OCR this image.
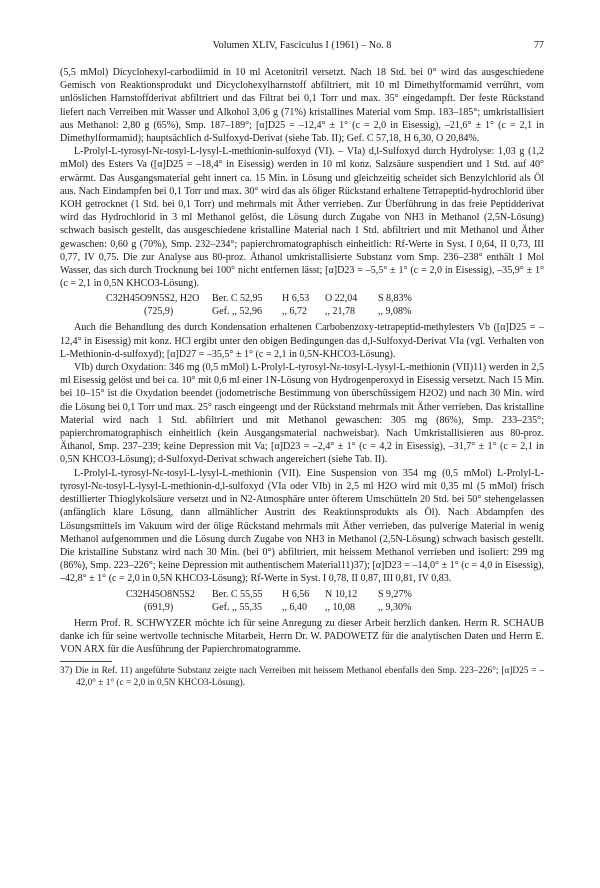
Volumen XLIV, Fasciculus I (1961) – No. 8	77

(5,5 mMol) Dicyclohexyl-carbodiimid in 10 ml Acetonitril versetzt. Nach 18 Std. bei 0° wird das ausgeschiedene Gemisch von Reaktionsprodukt und Dicyclohexylharnstoff abfiltriert, mit 10 ml Dimethylformamid verrührt, vom unlöslichen Harnstoffderivat abfiltriert und das Filtrat bei 0,1 Torr und max. 35° eingedampft. Der feste Rückstand liefert nach Verreiben mit Wasser und Alkohol 3,06 g (71%) kristallines Material vom Smp. 183–185°; umkristallisiert aus Methanol: 2,80 g (65%), Smp. 187–189°; [α]D25 = –12,4° ± 1° (c = 2,0 in Eisessig), –21,6° ± 1° (c = 2,1 in Dimethylformamid); hauptsächlich d-Sulfoxyd-Derivat (siehe Tab. II); Gef. C 57,18, H 6,30, O 20,84%.

L-Prolyl-L-tyrosyl-Nε-tosyl-L-lysyl-L-methionin-sulfoxyd (VI). – VIa) d,l-Sulfoxyd durch Hydrolyse: 1,03 g (1,2 mMol) des Esters Va ([α]D25 = –18,4° in Eisessig) werden in 10 ml konz. Salzsäure suspendiert und 1 Std. auf 40° erwärmt. Das Ausgangsmaterial geht innert ca. 15 Min. in Lösung und gleichzeitig scheidet sich Benzylchlorid als Öl aus. Nach Eindampfen bei 0,1 Torr und max. 30° wird das als öliger Rückstand erhaltene Tetrapeptid-hydrochlorid über KOH getrocknet (1 Std. bei 0,1 Torr) und mehrmals mit Äther verrieben. Zur Überführung in das freie Peptidderivat wird das Hydrochlorid in 3 ml Methanol gelöst, die Lösung durch Zugabe von NH3 in Methanol (2,5N-Lösung) schwach basisch gestellt, das ausgeschiedene kristalline Material nach 1 Std. abfiltriert und mit Methanol und Äther gewaschen: 0,60 g (70%), Smp. 232–234°; papierchromatographisch einheitlich: Rf-Werte in Syst. I 0,64, II 0,73, III 0,77, IV 0,75. Die zur Analyse aus 80-proz. Äthanol umkristallisierte Substanz vom Smp. 236–238° enthält 1 Mol Wasser, das sich durch Trocknung bei 100° nicht entfernen lässt; [α]D23 = –5,5° ± 1° (c = 2,0 in Eisessig), –35,9° ± 1° (c = 2,1 in 0,5N KHCO3-Lösung).

C32H45O9N5S2, H2O Ber. C 52,95 H 6,53 O 22,04 S 8,83%
(725,9)	Gef. ,, 52,96 ,, 6,72 ,, 21,78 ,, 9,08%

Auch die Behandlung des durch Kondensation erhaltenen Carbobenzoxy-tetrapeptid-methylesters Vb ([α]D25 = –12,4° in Eisessig) mit konz. HCl ergibt unter den obigen Bedingungen das d,l-Sulfoxyd-Derivat VIa (vgl. Verhalten von L-Methionin-d-sulfoxyd); [α]D27 = –35,5° ± 1° (c = 2,1 in 0,5N-KHCO3-Lösung).

VIb) durch Oxydation: 346 mg (0,5 mMol) L-Prolyl-L-tyrosyl-Nε-tosyl-L-lysyl-L-methionin (VII)11) werden in 2,5 ml Eisessig gelöst und bei ca. 10° mit 0,6 ml einer 1N-Lösung von Hydrogenperoxyd in Eisessig versetzt. Nach 15 Min. bei 10–15° ist die Oxydation beendet (jodometrische Bestimmung von überschüssigem H2O2) und nach 30 Min. wird die Lösung bei 0,1 Torr und max. 25° rasch eingeengt und der Rückstand mehrmals mit Äther verrieben. Das kristalline Material wird nach 1 Std. abfiltriert und mit Methanol gewaschen: 305 mg (86%), Smp. 233–235°; papierchromatographisch einheitlich (kein Ausgangsmaterial nachweisbar). Nach Umkristallisieren aus 80-proz. Äthanol, Smp. 237–239; keine Depression mit Va; [α]D23 = –2,4° ± 1° (c = 4,2 in Eisessig), –31,7° ± 1° (c = 2,1 in 0,5N KHCO3-Lösung); d-Sulfoxyd-Derivat schwach angereichert (siehe Tab. II).

L-Prolyl-L-tyrosyl-Nε-tosyl-L-lysyl-L-methionin (VII). Eine Suspension von 354 mg (0,5 mMol) L-Prolyl-L-tyrosyl-Nε-tosyl-L-lysyl-L-methionin-d,l-sulfoxyd (VIa oder VIb) in 2,5 ml H2O wird mit 0,35 ml (5 mMol) frisch destillierter Thioglykolsäure versetzt und in N2-Atmosphäre unter öfterem Umschütteln 20 Std. bei 50° stehengelassen (anfänglich klare Lösung, dann allmählicher Austritt des Reaktionsprodukts als Öl). Nach Abdampfen des Lösungsmittels im Vakuum wird der ölige Rückstand mehrmals mit Äther verrieben, das pulverige Material in wenig Methanol aufgenommen und die Lösung durch Zugabe von NH3 in Methanol (2,5N-Lösung) schwach basisch gestellt. Die kristalline Substanz wird nach 30 Min. (bei 0°) abfiltriert, mit heissem Methanol verrieben und isoliert: 299 mg (86%), Smp. 223–226°; keine Depression mit authentischem Material11)37); [α]D23 = –14,0° ± 1° (c = 4,0 in Eisessig), –42,8° ± 1° (c = 2,0 in 0,5N KHCO3-Lösung); Rf-Werte in Syst. I 0,78, II 0,87, III 0,81, IV 0,83.

C32H45O8N5S2 Ber. C 55,55 H 6,56 N 10,12 S 9,27%
(691,9)	Gef. ,, 55,35 ,, 6,40 ,, 10,08 ,, 9,30%

Herrn Prof. R. SCHWYZER möchte ich für seine Anregung zu dieser Arbeit herzlich danken. Herrn R. SCHAUB danke ich für seine wertvolle technische Mitarbeit, Herrn Dr. W. PADOWETZ für die analytischen Daten und Herrn E. VON ARX für die Ausführung der Papierchromatogramme.

37) Die in Ref. 11) angeführte Substanz zeigte nach Verreiben mit heissem Methanol ebenfalls den Smp. 223–226°; [α]D25 = –42,0° ± 1° (c = 2,0 in 0,5N KHCO3-Lösung).
